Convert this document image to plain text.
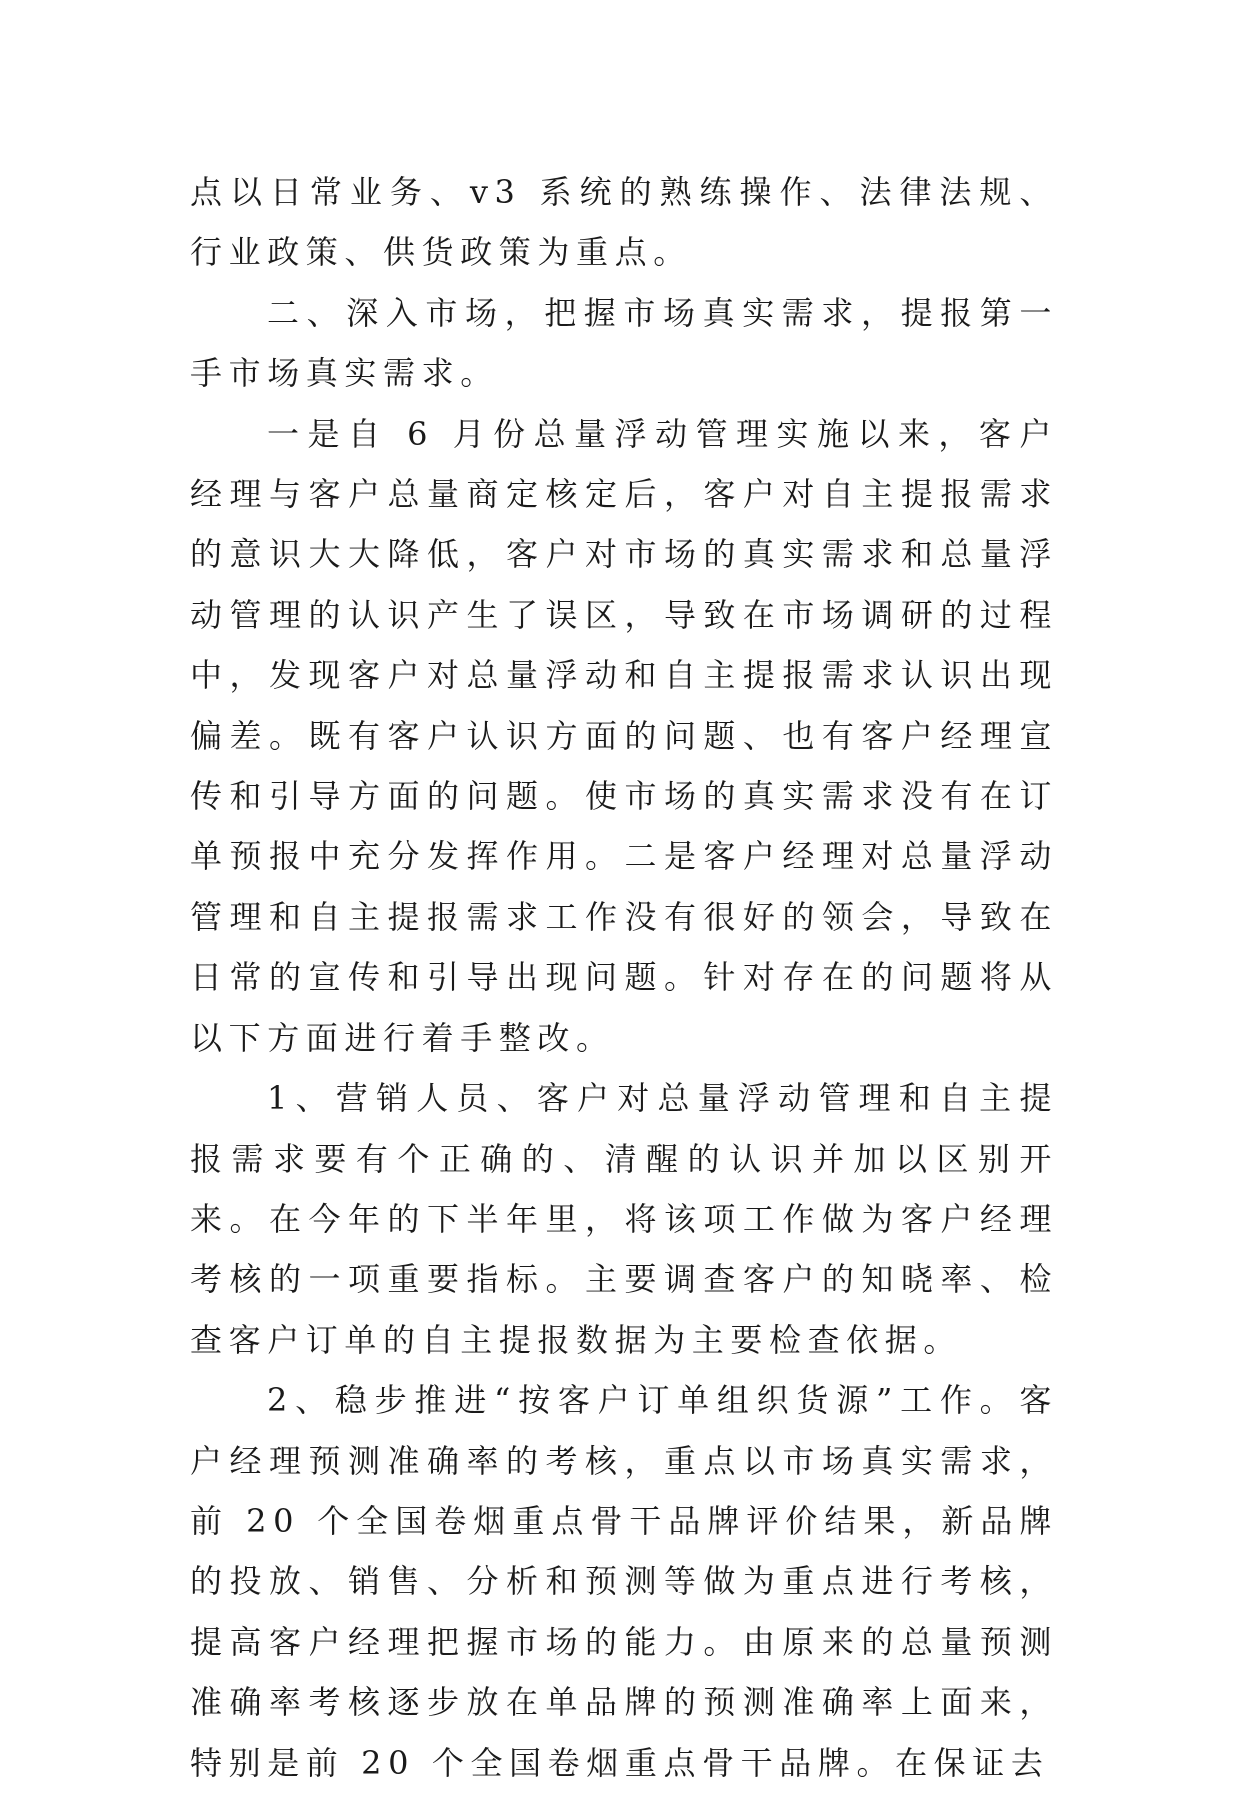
点以日常业务、v3 系统的熟练操作、法律法规、行业政策、供货政策为重点。

二、深入市场，把握市场真实需求，提报第一手市场真实需求。

一是自 6 月份总量浮动管理实施以来，客户经理与客户总量商定核定后，客户对自主提报需求的意识大大降低，客户对市场的真实需求和总量浮动管理的认识产生了误区，导致在市场调研的过程中，发现客户对总量浮动和自主提报需求认识出现偏差。既有客户认识方面的问题、也有客户经理宣传和引导方面的问题。使市场的真实需求没有在订单预报中充分发挥作用。二是客户经理对总量浮动管理和自主提报需求工作没有很好的领会，导致在日常的宣传和引导出现问题。针对存在的问题将从以下方面进行着手整改。

1、营销人员、客户对总量浮动管理和自主提报需求要有个正确的、清醒的认识并加以区别开来。在今年的下半年里，将该项工作做为客户经理考核的一项重要指标。主要调查客户的知晓率、检查客户订单的自主提报数据为主要检查依据。

2、稳步推进“按客户订单组织货源”工作。客户经理预测准确率的考核，重点以市场真实需求，前 20 个全国卷烟重点骨干品牌评价结果，新品牌的投放、销售、分析和预测等做为重点进行考核，提高客户经理把握市场的能力。由原来的总量预测准确率考核逐步放在单品牌的预测准确率上面来，特别是前 20 个全国卷烟重点骨干品牌。在保证去
